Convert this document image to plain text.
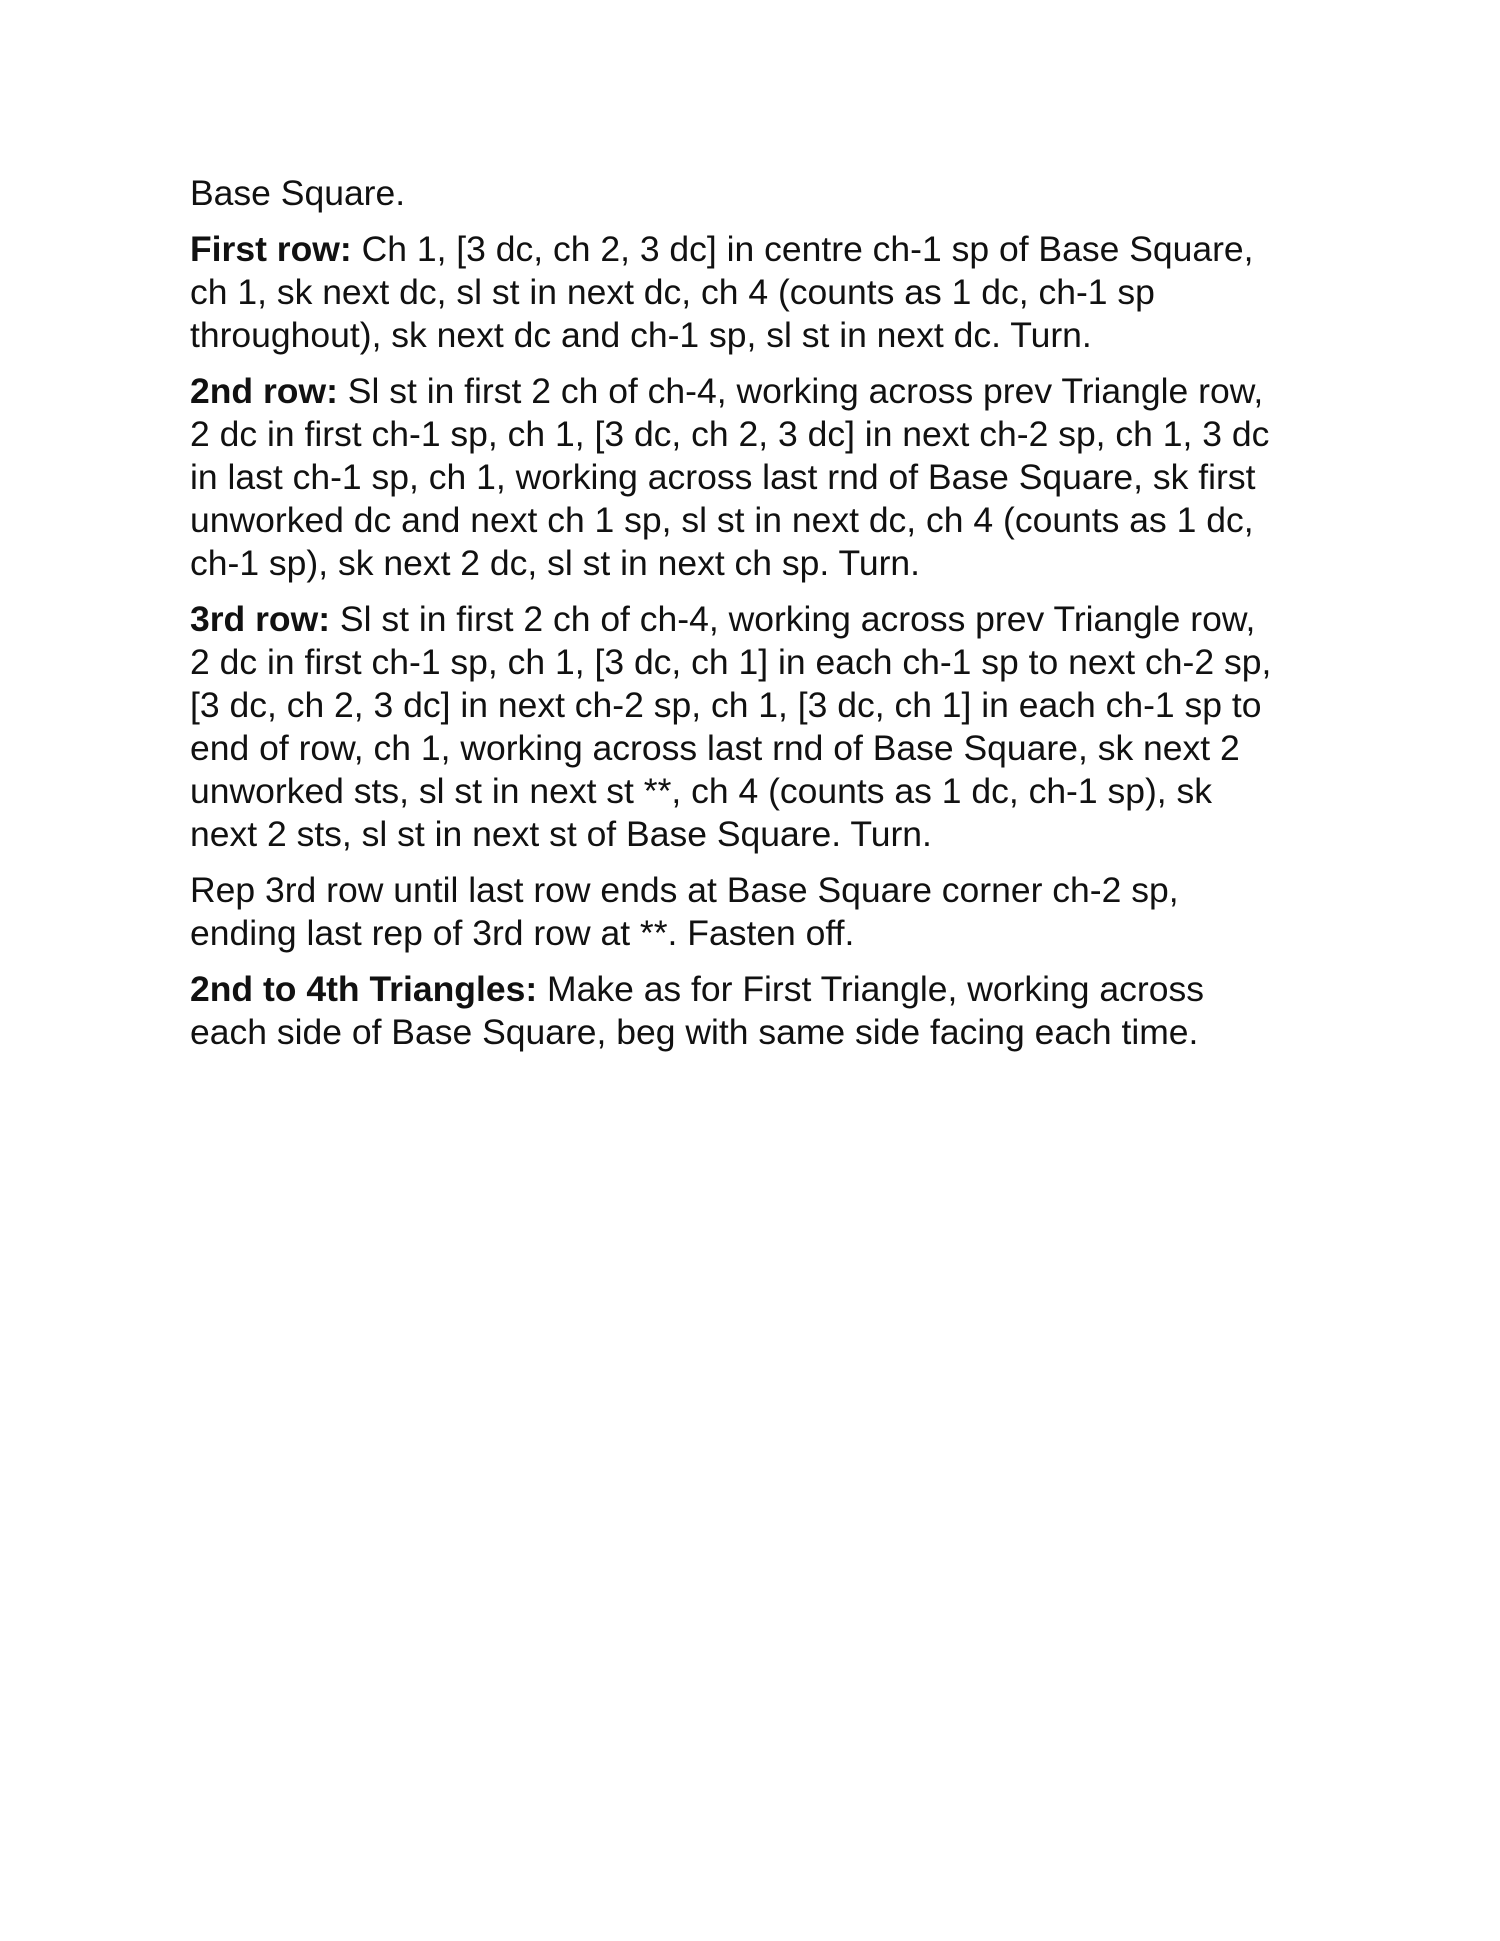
Base Square.

First row: Ch 1, [3 dc, ch 2, 3 dc] in centre ch-1 sp of Base Square,
ch 1, sk next dc, sl st in next dc, ch 4 (counts as 1 dc, ch-1 sp
throughout), sk next dc and ch-1 sp, sl st in next dc. Turn.

2nd row: Sl st in first 2 ch of ch-4, working across prev Triangle row,
2 dc in first ch-1 sp, ch 1, [3 dc, ch 2, 3 dc] in next ch-2 sp, ch 1, 3 dc
in last ch-1 sp, ch 1, working across last rnd of Base Square, sk first
unworked dc and next ch 1 sp, sl st in next dc, ch 4 (counts as 1 dc,
ch-1 sp), sk next 2 dc, sl st in next ch sp. Turn.

3rd row: Sl st in first 2 ch of ch-4, working across prev Triangle row,
2 dc in first ch-1 sp, ch 1, [3 dc, ch 1] in each ch-1 sp to next ch-2 sp,
[3 dc, ch 2, 3 dc] in next ch-2 sp, ch 1, [3 dc, ch 1] in each ch-1 sp to
end of row, ch 1, working across last rnd of Base Square, sk next 2
unworked sts, sl st in next st **, ch 4 (counts as 1 dc, ch-1 sp), sk
next 2 sts, sl st in next st of Base Square. Turn.

Rep 3rd row until last row ends at Base Square corner ch-2 sp,
ending last rep of 3rd row at **. Fasten off.

2nd to 4th Triangles: Make as for First Triangle, working across
each side of Base Square, beg with same side facing each time.
